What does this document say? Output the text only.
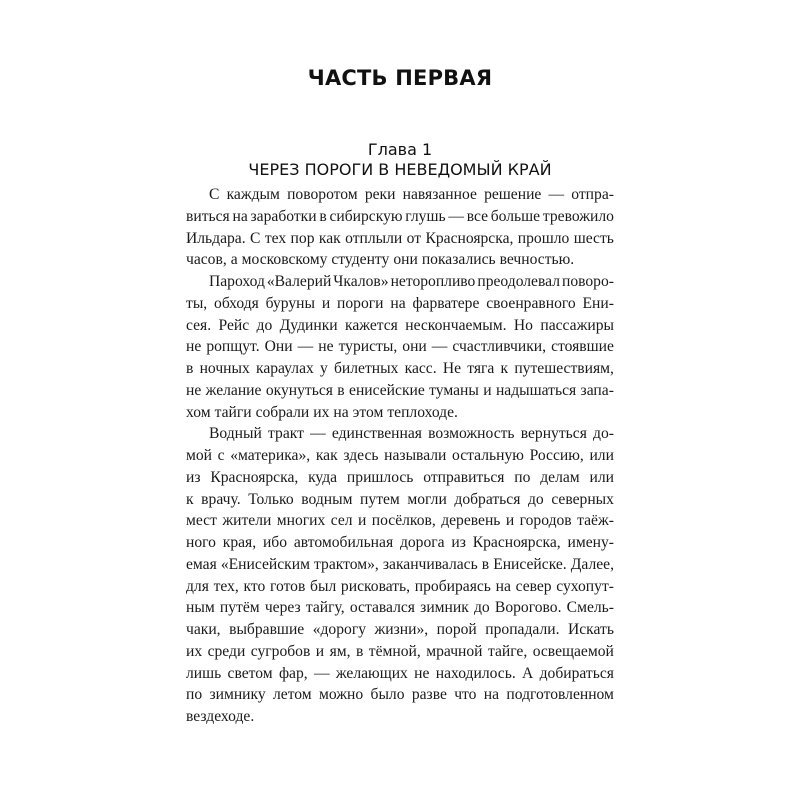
ЧАСТЬ ПЕРВАЯ
Глава 1
ЧЕРЕЗ ПОРОГИ В НЕВЕДОМЫЙ КРАЙ
С каждым поворотом реки навязанное решение — отпра-
виться на заработки в сибирскую глушь — все больше тревожило
Ильдара. С тех пор как отплыли от Красноярска, прошло шесть
часов, а московскому студенту они показались вечностью.
Пароход «Валерий Чкалов» неторопливо преодолевал поворо-
ты, обходя буруны и пороги на фарватере своенравного Ени-
сея. Рейс до Дудинки кажется нескончаемым. Но пассажиры
не ропщут. Они — не туристы, они — счастливчики, стоявшие
в ночных караулах у билетных касс. Не тяга к путешествиям,
не желание окунуться в енисейские туманы и надышаться запа-
хом тайги собрали их на этом теплоходе.
Водный тракт — единственная возможность вернуться до-
мой с «материка», как здесь называли остальную Россию, или
из Красноярска, куда пришлось отправиться по делам или
к врачу. Только водным путем могли добраться до северных
мест жители многих сел и посёлков, деревень и городов таёж-
ного края, ибо автомобильная дорога из Красноярска, имену-
емая «Енисейским трактом», заканчивалась в Енисейске. Далее,
для тех, кто готов был рисковать, пробираясь на север сухопут-
ным путём через тайгу, оставался зимник до Ворогово. Смель-
чаки, выбравшие «дорогу жизни», порой пропадали. Искать
их среди сугробов и ям, в тёмной, мрачной тайге, освещаемой
лишь светом фар, — желающих не находилось. А добираться
по зимнику летом можно было разве что на подготовленном
вездеходе.
